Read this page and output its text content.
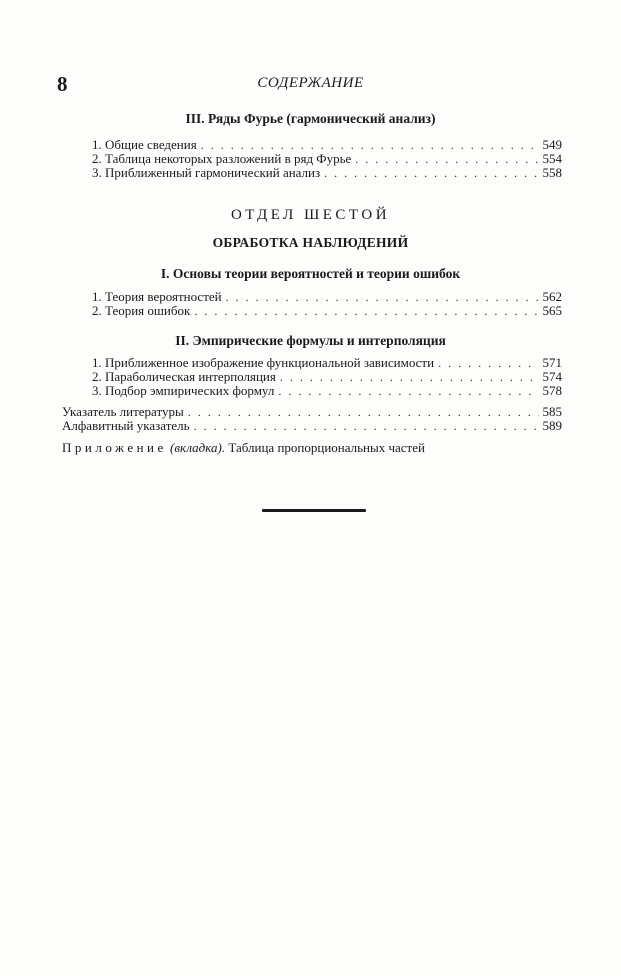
8	СОДЕРЖАНИЕ
III. Ряды Фурье (гармонический анализ)
1. Общие сведения . . .	549
2. Таблица некоторых разложений в ряд Фурье . . .	554
3. Приближенный гармонический анализ . . .	558
ОТДЕЛ ШЕСТОЙ
ОБРАБОТКА НАБЛЮДЕНИЙ
I. Основы теории вероятностей и теории ошибок
1. Теория вероятностей . . .	562
2. Теория ошибок . . .	565
II. Эмпирические формулы и интерполяция
1. Приближенное изображение функциональной зависимости . . .	571
2. Параболическая интерполяция . . .	574
3. Подбор эмпирических формул . . .	578
Указатель литературы . . .	585
Алфавитный указатель . . .	589
Приложение (вкладка). Таблица пропорциональных частей
